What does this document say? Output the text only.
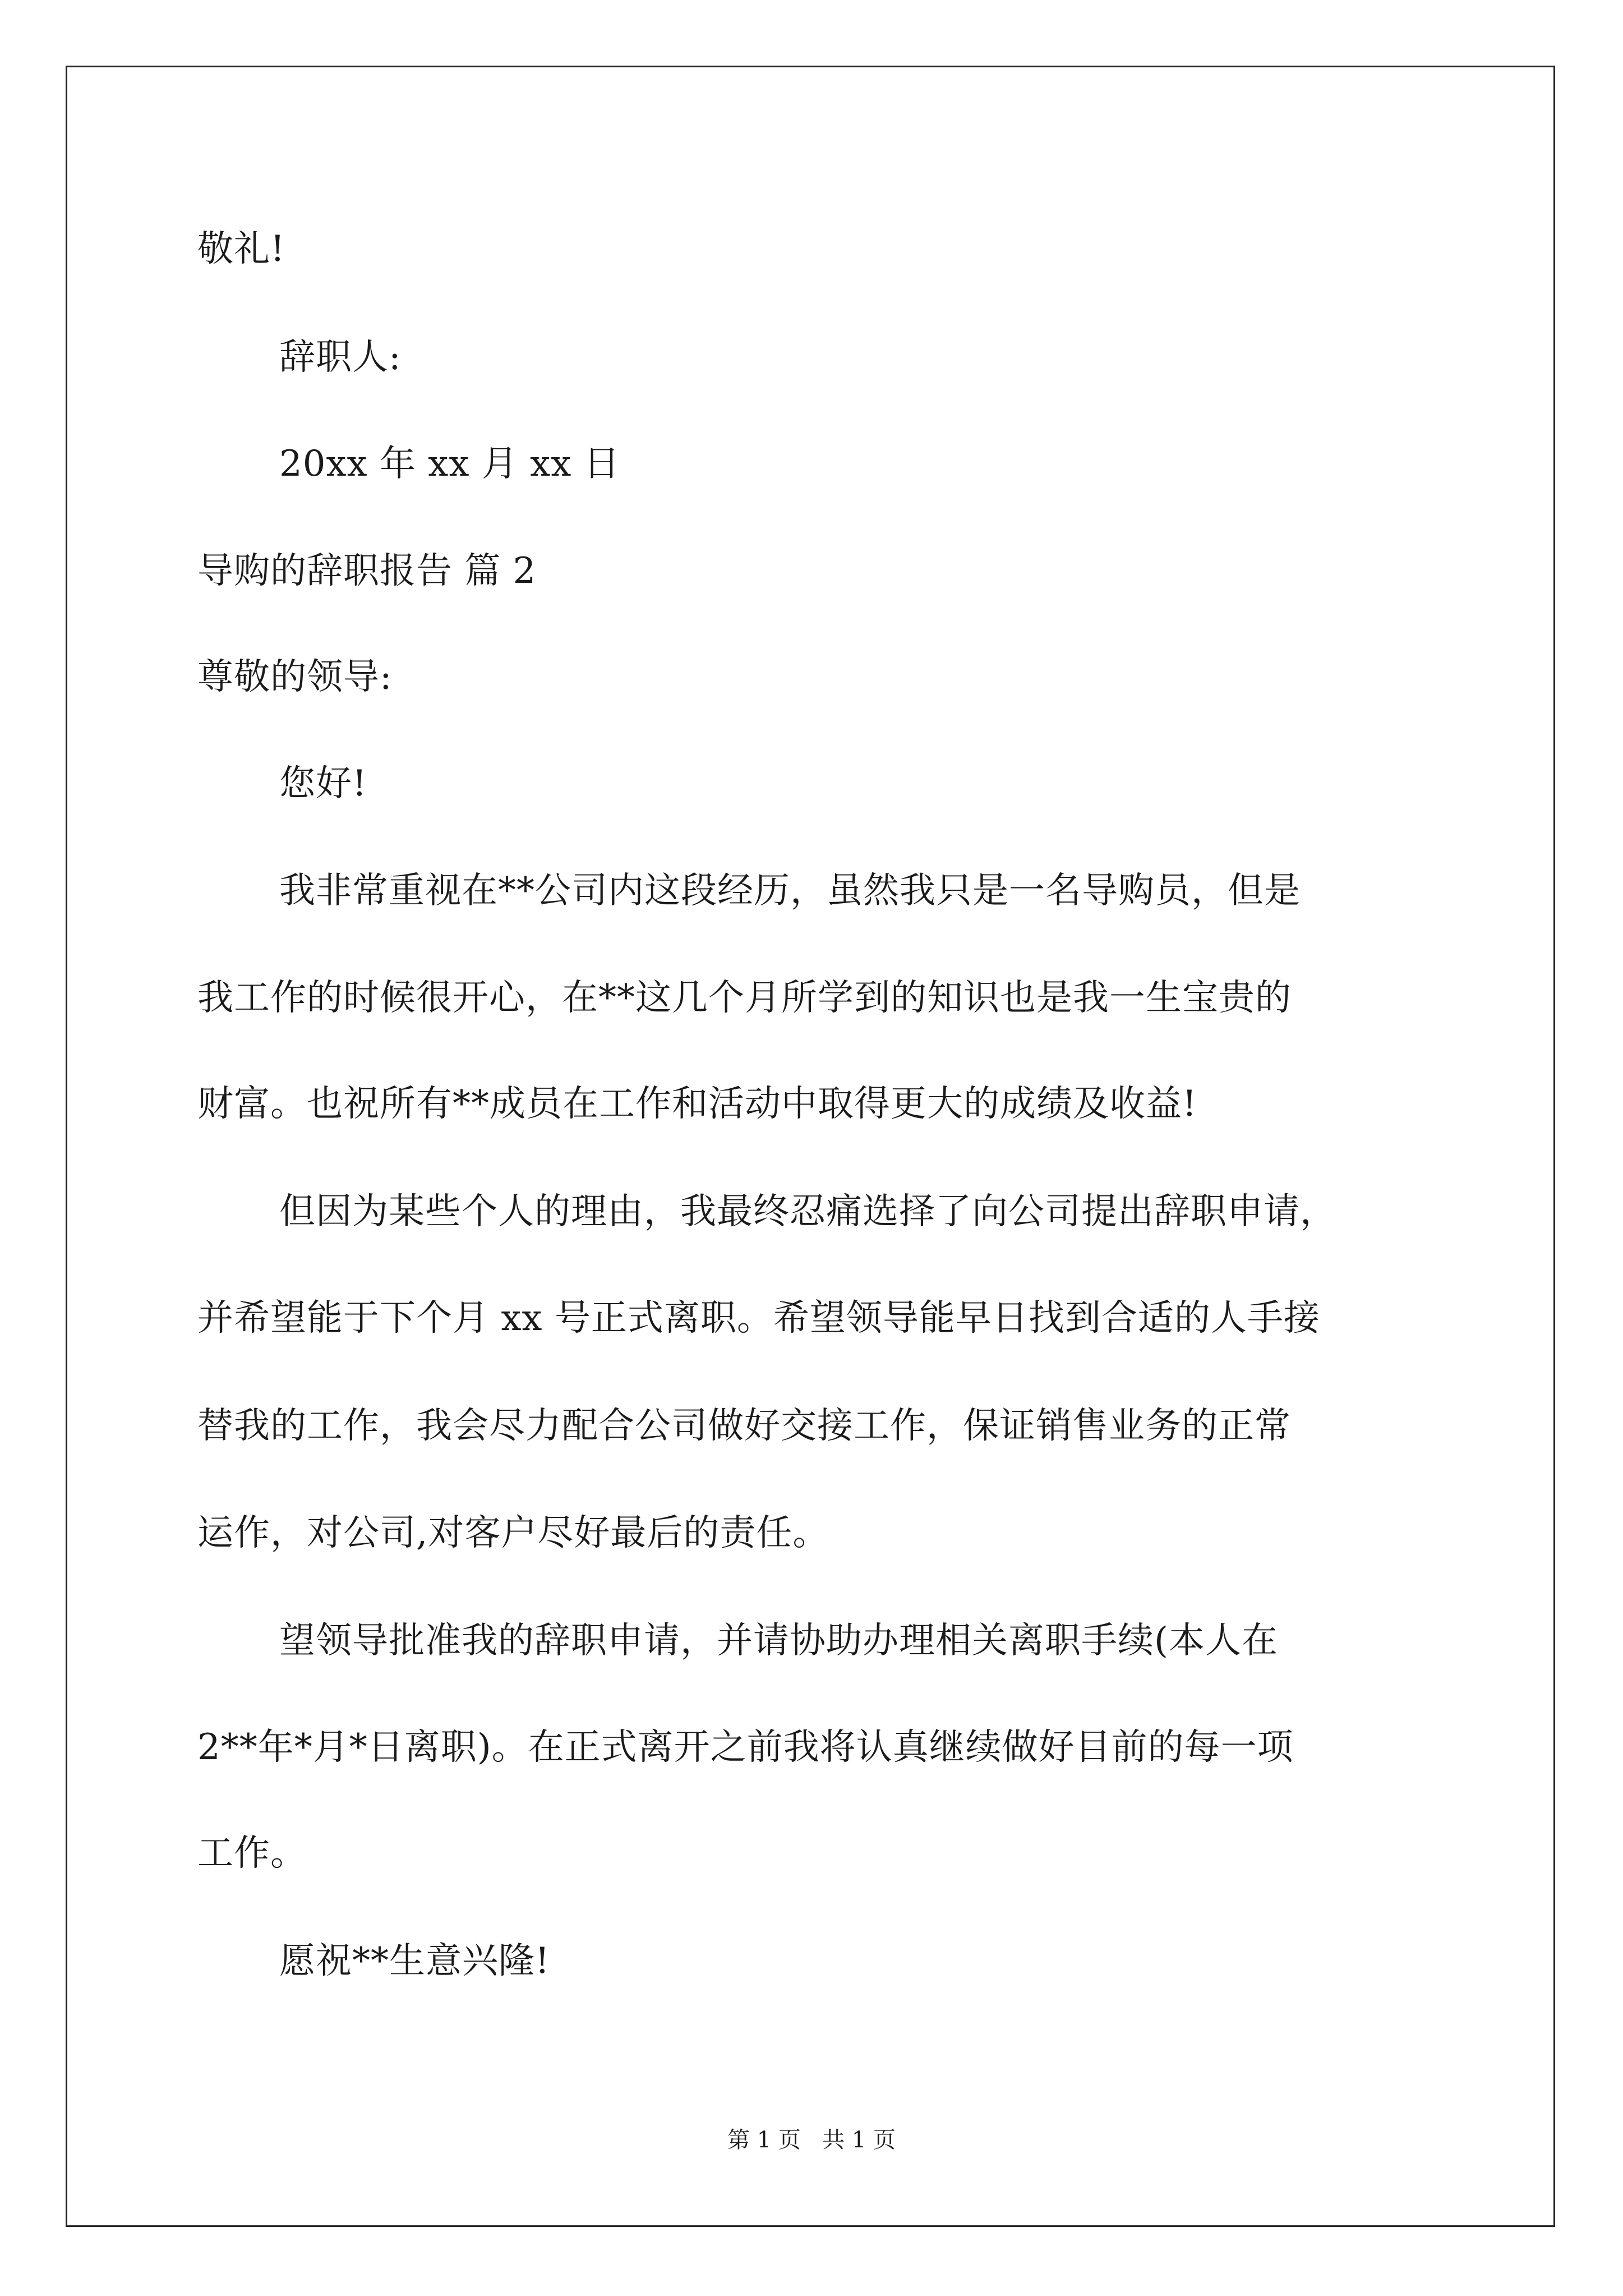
敬礼!
辞职人:
20xx 年 xx 月 xx 日
导购的辞职报告 篇 2
尊敬的领导:
您好!
我非常重视在**公司内这段经历，虽然我只是一名导购员，但是
我工作的时候很开心，在**这几个月所学到的知识也是我一生宝贵的
财富。也祝所有**成员在工作和活动中取得更大的成绩及收益!
但因为某些个人的理由，我最终忍痛选择了向公司提出辞职申请，
并希望能于下个月 xx 号正式离职。希望领导能早日找到合适的人手接
替我的工作，我会尽力配合公司做好交接工作，保证销售业务的正常
运作，对公司,对客户尽好最后的责任。
望领导批准我的辞职申请，并请协助办理相关离职手续(本人在
2**年*月*日离职)。在正式离开之前我将认真继续做好目前的每一项
工作。
愿祝**生意兴隆!
第 1 页   共 1 页
